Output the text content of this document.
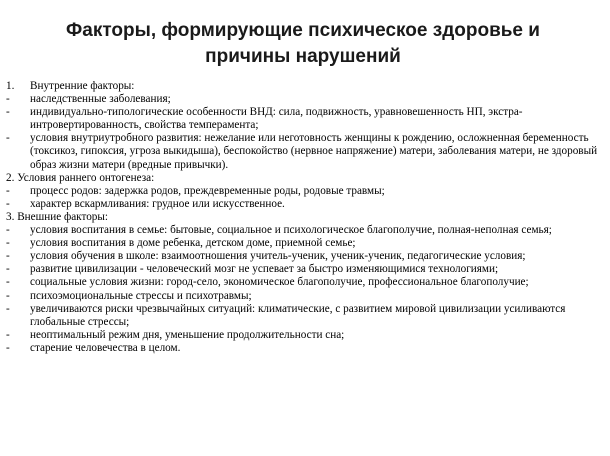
Факторы, формирующие психическое здоровье и
причины нарушений
1.	Внутренние факторы:
-	наследственные заболевания;
-	индивидуально-типологические особенности ВНД: сила, подвижность, уравновешенность НП, экстра-интровертированность, свойства темперамента;
-	условия внутриутробного развития: нежелание или неготовность женщины к рождению, осложненная беременность (токсикоз, гипоксия, угроза выкидыша), беспокойство (нервное напряжение) матери, заболевания матери, не здоровый образ жизни матери (вредные привычки).
2. Условия раннего онтогенеза:
-	процесс родов: задержка родов, преждевременные роды, родовые травмы;
-	характер вскармливания: грудное или искусственное.
3. Внешние факторы:
-	условия воспитания в семье: бытовые, социальное и психологическое благополучие, полная-неполная семья;
-	условия воспитания в доме ребенка, детском доме, приемной семье;
-	условия обучения в школе: взаимоотношения учитель-ученик, ученик-ученик, педагогические условия;
-	развитие цивилизации - человеческий мозг не успевает за быстро изменяющимися технологиями;
-	социальные условия жизни: город-село, экономическое благополучие, профессиональное благополучие;
-	психоэмоциональные стрессы и психотравмы;
-	увеличиваются риски чрезвычайных ситуаций: климатические, с развитием мировой цивилизации усиливаются глобальные стрессы;
-	неоптимальный режим дня, уменьшение продолжительности сна;
-	старение человечества в целом.
